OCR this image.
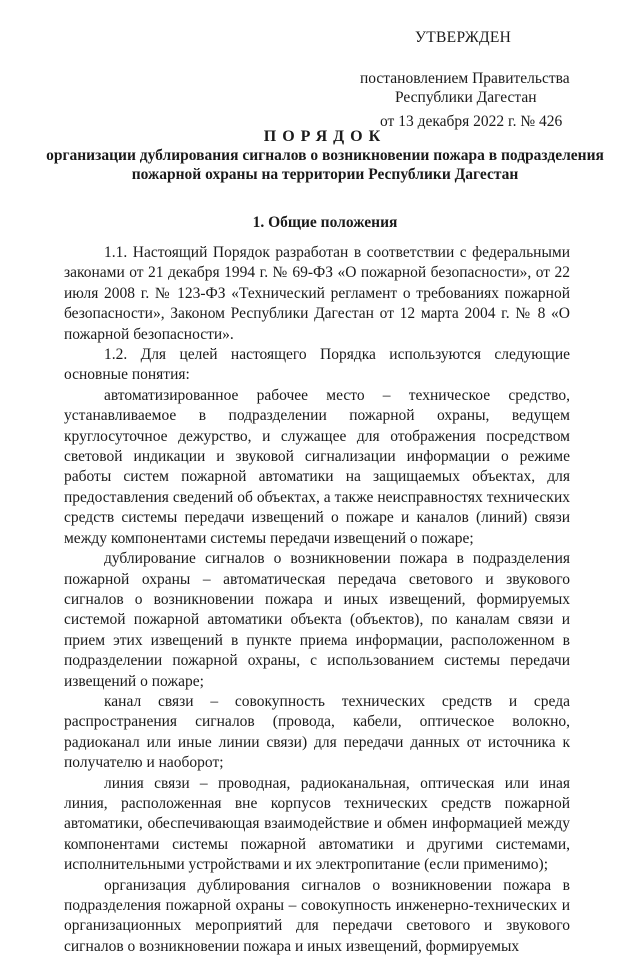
УТВЕРЖДЕН
постановлением Правительства
Республики Дагестан
от 13 декабря 2022 г. № 426
ПОРЯДОК
организации дублирования сигналов о возникновении пожара в подразделения пожарной охраны на территории Республики Дагестан
1. Общие положения

1.1. Настоящий Порядок разработан в соответствии с федеральными законами от 21 декабря 1994 г. № 69-ФЗ «О пожарной безопасности», от 22 июля 2008 г. № 123-ФЗ «Технический регламент о требованиях пожарной безопасности», Законом Республики Дагестан от 12 марта 2004 г. № 8 «О пожарной безопасности».

1.2. Для целей настоящего Порядка используются следующие основные понятия:

автоматизированное рабочее место – техническое средство, устанавливаемое в подразделении пожарной охраны, ведущем круглосуточное дежурство, и служащее для отображения посредством световой индикации и звуковой сигнализации информации о режиме работы систем пожарной автоматики на защищаемых объектах, для предоставления сведений об объектах, а также неисправностях технических средств системы передачи извещений о пожаре и каналов (линий) связи между компонентами системы передачи извещений о пожаре;

дублирование сигналов о возникновении пожара в подразделения пожарной охраны – автоматическая передача светового и звукового сигналов о возникновении пожара и иных извещений, формируемых системой пожарной автоматики объекта (объектов), по каналам связи и прием этих извещений в пункте приема информации, расположенном в подразделении пожарной охраны, с использованием системы передачи извещений о пожаре;

канал связи – совокупность технических средств и среда распространения сигналов (провода, кабели, оптическое волокно, радиоканал или иные линии связи) для передачи данных от источника к получателю и наоборот;

линия связи – проводная, радиоканальная, оптическая или иная линия, расположенная вне корпусов технических средств пожарной автоматики, обеспечивающая взаимодействие и обмен информацией между компонентами системы пожарной автоматики и другими системами, исполнительными устройствами и их электропитание (если применимо);

организация дублирования сигналов о возникновении пожара в подразделения пожарной охраны – совокупность инженерно-технических и организационных мероприятий для передачи светового и звукового сигналов о возникновении пожара и иных извещений, формируемых
